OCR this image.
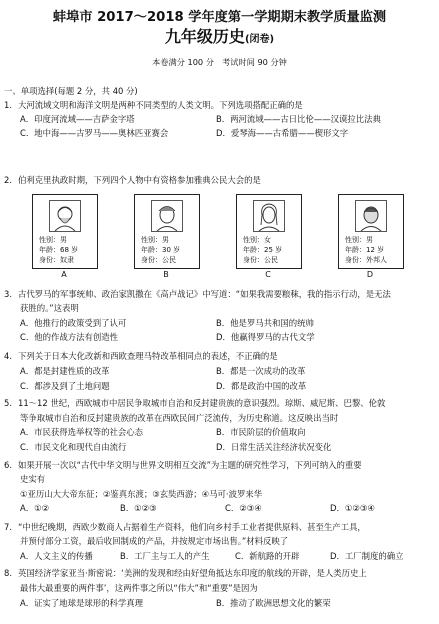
蚌埠市 2017～2018 学年度第一学期期末教学质量监测
九年级历史(闭卷)
本卷满分 100 分　考试时间 90 分钟
一、单项选择(每题 2 分，共 40 分)
1. 大河流域文明和海洋文明是两种不同类型的人类文明。下列选项搭配正确的是
A．印度河流域——吉萨金字塔	B．两河流域——古日比伦——汉谟拉比法典
C．地中海——古罗马——奥林匹亚赛会	D．爱琴海——古希腊——楔形文字
2. 伯利克里执政时期，下列四个人物中有资格参加雅典公民大会的是
性别：男
年龄：68 岁
身份：奴隶
性别：男
年龄：30 岁
身份：公民
性别：女
年龄：25 岁
身份：公民
性别：男
年龄：12 岁
身份：外邦人
A	B	C	D
3. 古代罗马的军事统帅、政治家凯撒在《高卢战记》中写道：“如果我需要粮秣，我的指示行动，是无法
获胜的。”这表明
A．他推行的政策受到了认可	B．他是罗马共和国的统帅
C．他的作战方法有创造性	D．他赢得罗马的古代文学
4. 下列关于日本大化改新和西欧查理马特改革相同点的表述，不正确的是
A．都是封建性质的改革	B．都是一次成功的改革
C．都涉及到了土地问题	D．都是政治中国的改革
5. 11～12 世纪，西欧城市中居民争取城市自治和反封建贵族的意识强烈。琼斯、威尼斯、巴黎、伦敦
等争取城市自治和反封建贵族的改革在西欧民间广泛流传，为历史称道。这反映出当时
A．市民获得选举权等的社会心态	B．市民阶层的价值取向
C．市民文化和现代自由流行	D．日常生活关注经济状况变化
6. 如果开展一次以“古代中华文明与世界文明相互交流”为主题的研究性学习，下列可纳入的重要
史实有
①亚历山大大帝东征；②鉴真东渡；③玄奘西游；④马可·波罗来华
A．①②	B．①②③	C．②③④	D．①②③④
7. “中世纪晚期，西欧少数商人占据着生产资料，他们向乡村手工业者提供原料、甚至生产工具，
并预付部分工资，最后收回制成的产品，并按规定市场出售。”材料反映了
A．人文主义的传播	B．工厂主与工人的产生	C．新航路的开辟	D．工厂制度的确立
8. 英国经济学家亚当·斯密说：‘美洲的发现和经由好望角抵达东印度的航线的开辟，是人类历史上
最伟大最重要的两件事’，这两件事之所以“伟大”和“重要”是因为
A．证实了地球是球形的科学真理	B．推动了欧洲思想文化的繁荣
